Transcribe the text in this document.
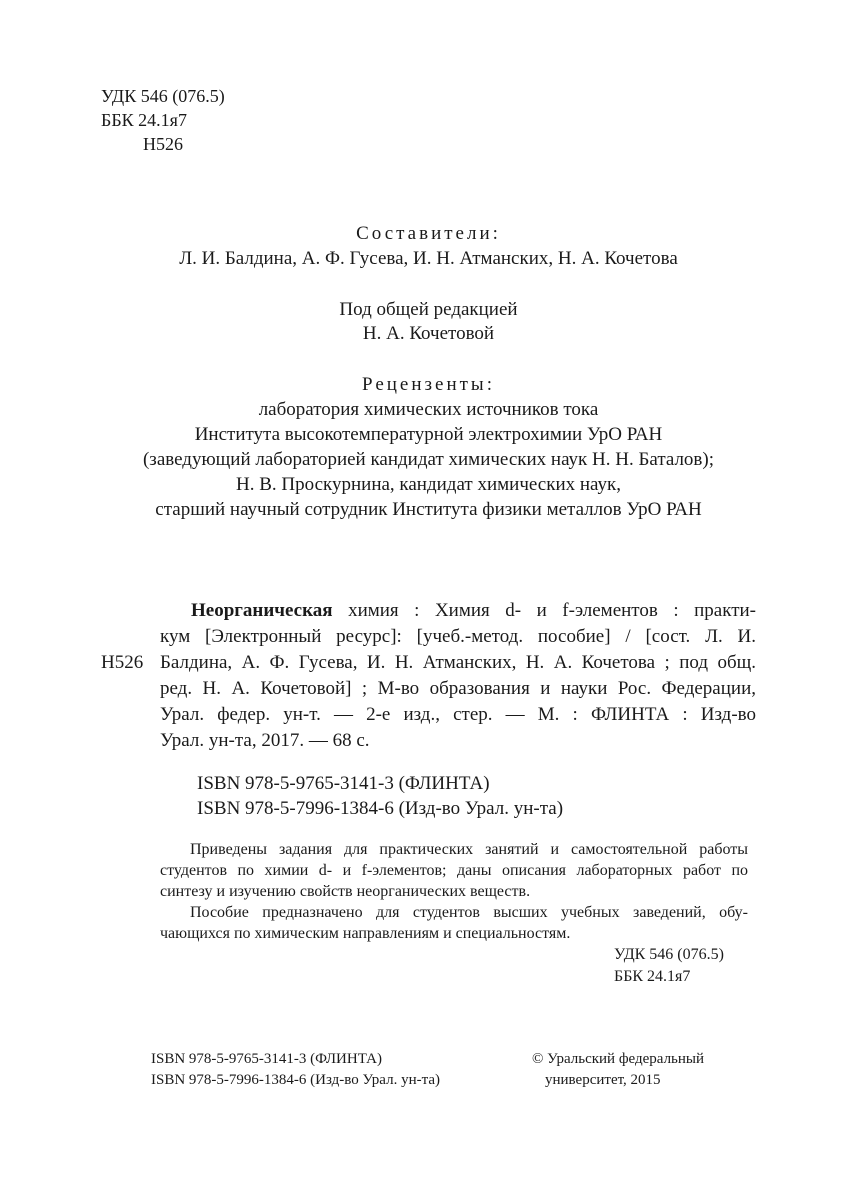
УДК 546 (076.5)
ББК 24.1я7
Н526
Составители:
Л. И. Балдина, А. Ф. Гусева, И. Н. Атманских, Н. А. Кочетова
Под общей редакцией
Н. А. Кочетовой
Рецензенты:
лаборатория химических источников тока
Института высокотемпературной электрохимии УрО РАН
(заведующий лабораторией кандидат химических наук Н. Н. Баталов);
Н. В. Проскурнина, кандидат химических наук,
старший научный сотрудник Института физики металлов УрО РАН
Н526
Неорганическая химия : Химия d- и f-элементов : практи-
кум [Электронный ресурс]: [учеб.-метод. пособие] / [сост. Л. И.
Балдина, А. Ф. Гусева, И. Н. Атманских, Н. А. Кочетова ; под общ.
ред. Н. А. Кочетовой] ; М-во образования и науки Рос. Федерации,
Урал. федер. ун-т. — 2-е изд., стер. — М. : ФЛИНТА : Изд-во
Урал. ун-та, 2017. — 68 с.
ISBN 978-5-9765-3141-3 (ФЛИНТА)
ISBN 978-5-7996-1384-6 (Изд-во Урал. ун-та)
Приведены задания для практических занятий и самостоятельной работы
студентов по химии d- и f-элементов; даны описания лабораторных работ по
синтезу и изучению свойств неорганических веществ.
Пособие предназначено для студентов высших учебных заведений, обу-
чающихся по химическим направлениям и специальностям.
УДК 546 (076.5)
ББК 24.1я7
ISBN 978-5-9765-3141-3 (ФЛИНТА)
ISBN 978-5-7996-1384-6 (Изд-во Урал. ун-та)
© Уральский федеральный
университет, 2015
